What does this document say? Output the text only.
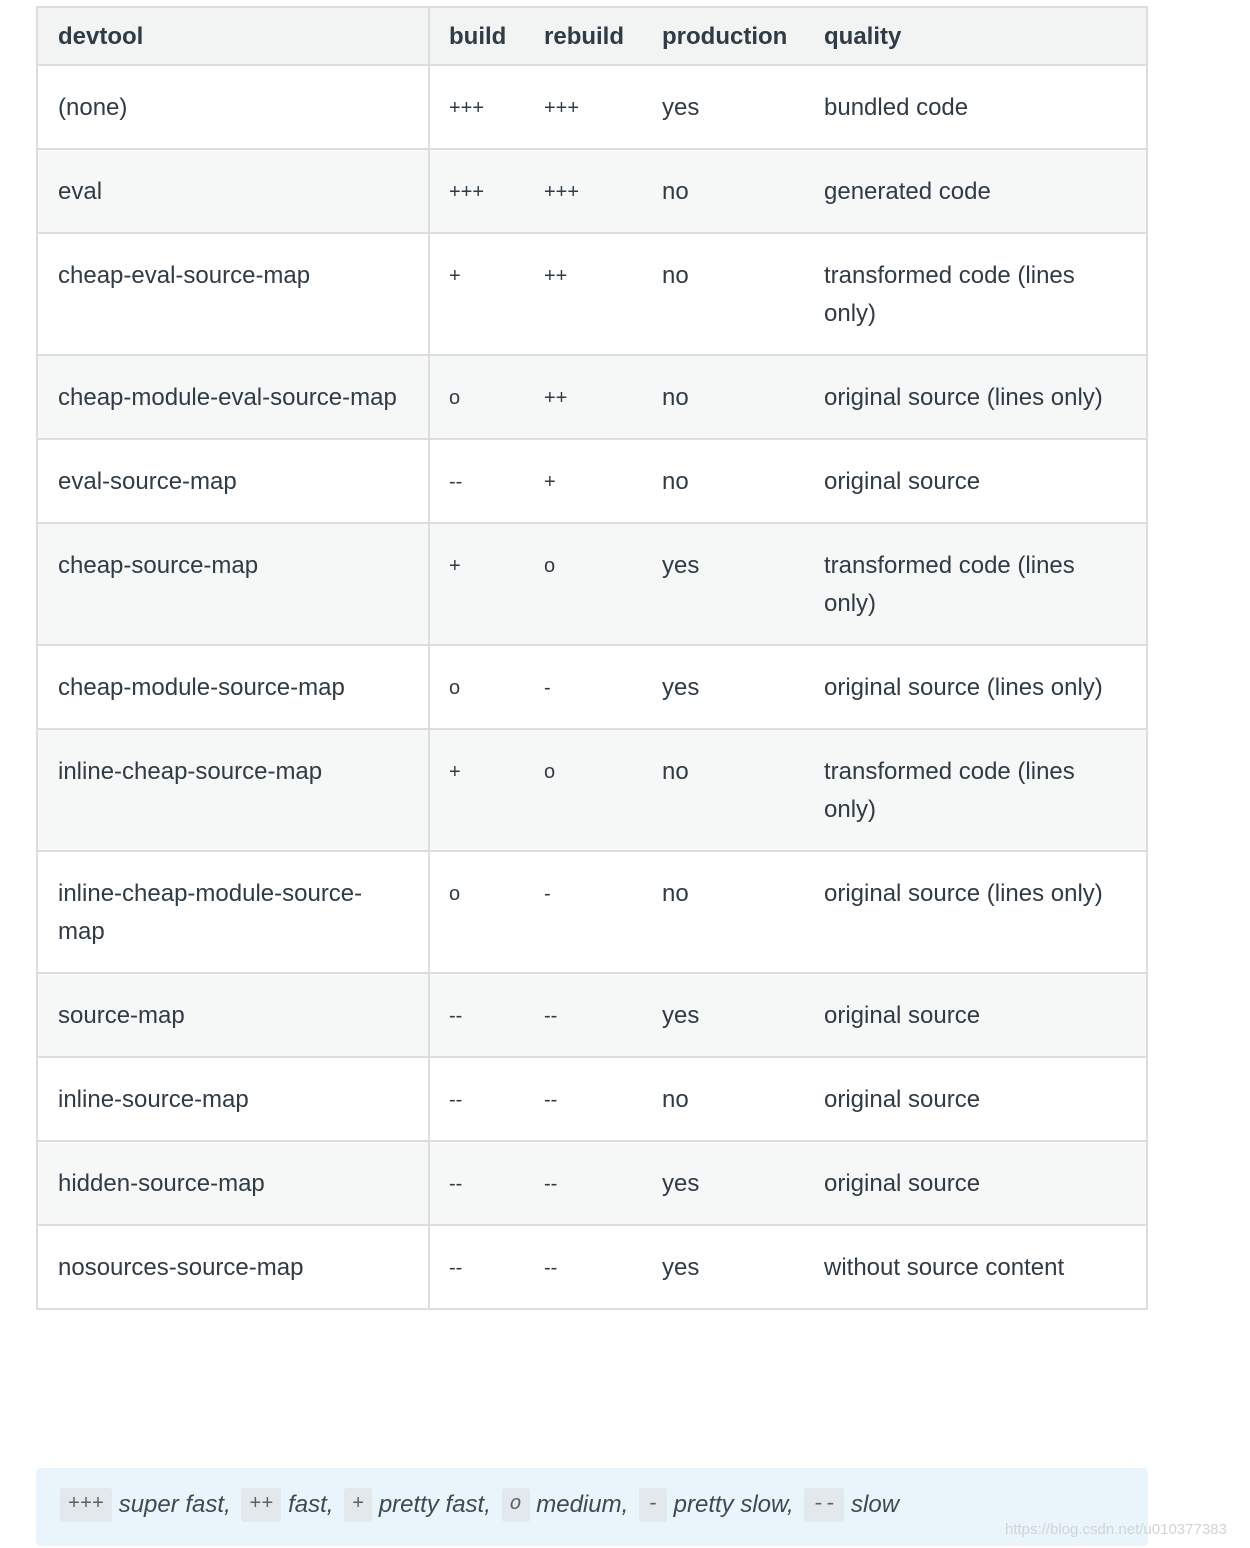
devtool	build	rebuild	production	quality
(none)	+++	+++	yes	bundled code
eval	+++	+++	no	generated code
cheap-eval-source-map	+	++	no	transformed code (lines only)
cheap-module-eval-source-map	o	++	no	original source (lines only)
eval-source-map	--	+	no	original source
cheap-source-map	+	o	yes	transformed code (lines only)
cheap-module-source-map	o	-	yes	original source (lines only)
inline-cheap-source-map	+	o	no	transformed code (lines only)
inline-cheap-module-source-map	o	-	no	original source (lines only)
source-map	--	--	yes	original source
inline-source-map	--	--	no	original source
hidden-source-map	--	--	yes	original source
nosources-source-map	--	--	yes	without source content
+++ super fast, ++ fast, + pretty fast, o medium, - pretty slow, -- slow
https://blog.csdn.net/u010377383
